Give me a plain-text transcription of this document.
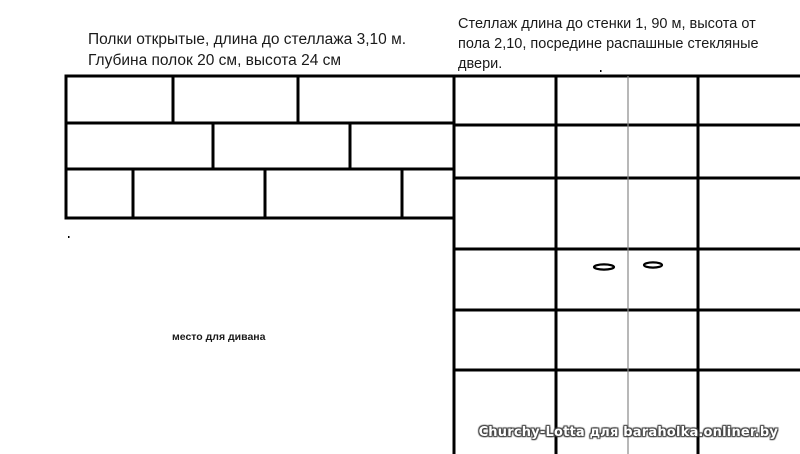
Полки открытые, длина до стеллажа 3,10 м.
Глубина полок 20 см, высота 24 см

Стеллаж длина до стенки 1, 90 м, высота от
пола 2,10, посредине распашные стекляные
двери.

место для дивана

Churchy-Lotta для baraholka.onliner.by
